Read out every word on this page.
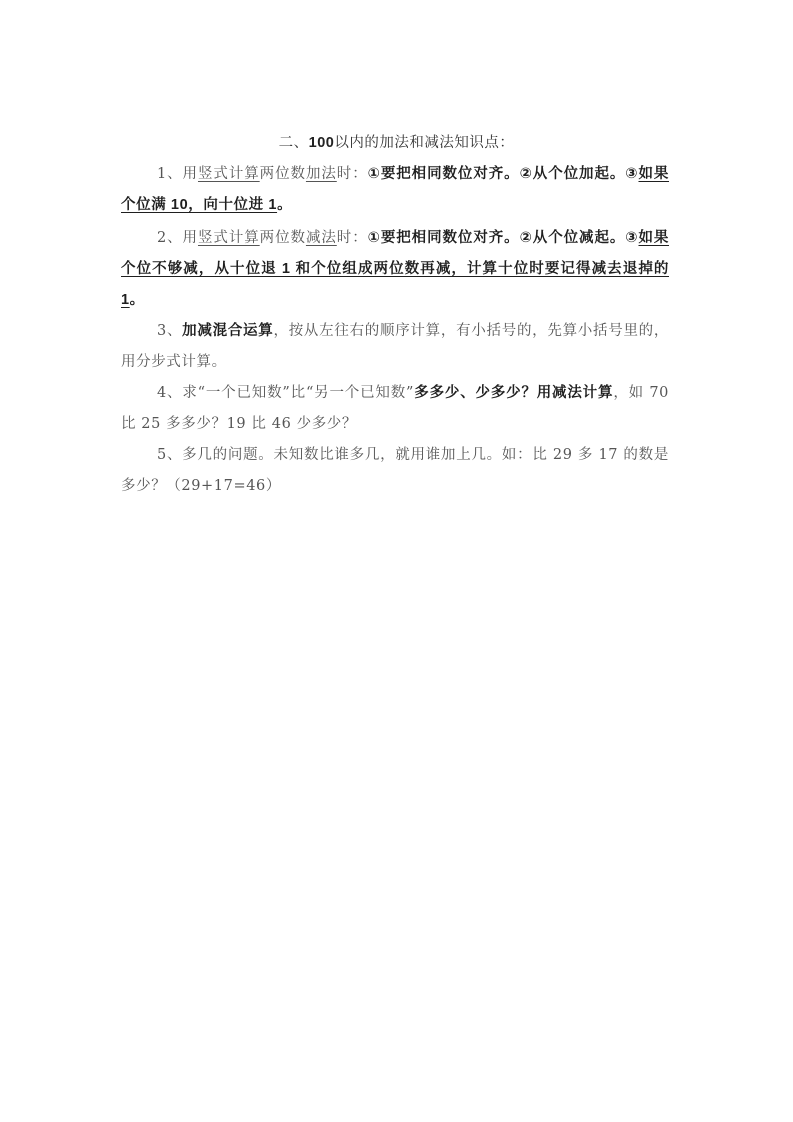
二、100以内的加法和减法知识点：
1、用竖式计算两位数加法时：①要把相同数位对齐。②从个位加起。③如果个位满 10，向十位进 1。
2、用竖式计算两位数减法时：①要把相同数位对齐。②从个位减起。③如果个位不够减，从十位退 1 和个位组成两位数再减，计算十位时要记得减去退掉的 1。
3、加减混合运算，按从左往右的顺序计算，有小括号的，先算小括号里的，用分步式计算。
4、求“一个已知数”比“另一个已知数”多多少、少多少？用减法计算，如 70 比 25 多多少？19 比 46 少多少？
5、多几的问题。未知数比谁多几，就用谁加上几。如：比 29 多 17 的数是多少？（29+17=46）
